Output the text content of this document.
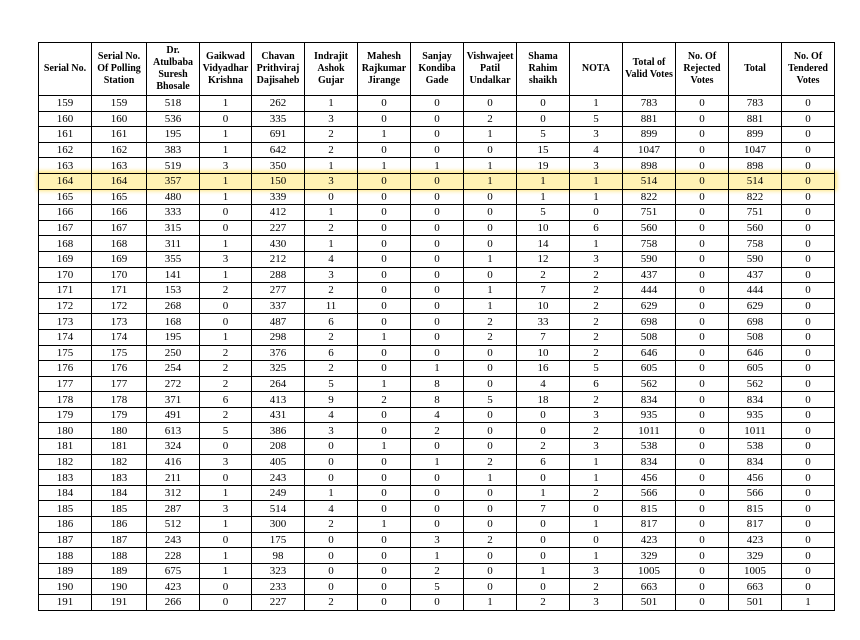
Serial No.	Serial No. Of Polling Station	Dr. Atulbaba Suresh Bhosale	Gaikwad Vidyadhar Krishna	Chavan Prithviraj Dajisaheb	Indrajit Ashok Gujar	Mahesh Rajkumar Jirange	Sanjay Kondiba Gade	Vishwajeet Patil Undalkar	Shama Rahim shaikh	NOTA	Total of Valid Votes	No. Of Rejected Votes	Total	No. Of Tendered Votes
159	159	518	1	262	1	0	0	0	0	1	783	0	783	0
160	160	536	0	335	3	0	0	2	0	5	881	0	881	0
161	161	195	1	691	2	1	0	1	5	3	899	0	899	0
162	162	383	1	642	2	0	0	0	15	4	1047	0	1047	0
163	163	519	3	350	1	1	1	1	19	3	898	0	898	0
164	164	357	1	150	3	0	0	1	1	1	514	0	514	0
165	165	480	1	339	0	0	0	0	1	1	822	0	822	0
166	166	333	0	412	1	0	0	0	5	0	751	0	751	0
167	167	315	0	227	2	0	0	0	10	6	560	0	560	0
168	168	311	1	430	1	0	0	0	14	1	758	0	758	0
169	169	355	3	212	4	0	0	1	12	3	590	0	590	0
170	170	141	1	288	3	0	0	0	2	2	437	0	437	0
171	171	153	2	277	2	0	0	1	7	2	444	0	444	0
172	172	268	0	337	11	0	0	1	10	2	629	0	629	0
173	173	168	0	487	6	0	0	2	33	2	698	0	698	0
174	174	195	1	298	2	1	0	2	7	2	508	0	508	0
175	175	250	2	376	6	0	0	0	10	2	646	0	646	0
176	176	254	2	325	2	0	1	0	16	5	605	0	605	0
177	177	272	2	264	5	1	8	0	4	6	562	0	562	0
178	178	371	6	413	9	2	8	5	18	2	834	0	834	0
179	179	491	2	431	4	0	4	0	0	3	935	0	935	0
180	180	613	5	386	3	0	2	0	0	2	1011	0	1011	0
181	181	324	0	208	0	1	0	0	2	3	538	0	538	0
182	182	416	3	405	0	0	1	2	6	1	834	0	834	0
183	183	211	0	243	0	0	0	1	0	1	456	0	456	0
184	184	312	1	249	1	0	0	0	1	2	566	0	566	0
185	185	287	3	514	4	0	0	0	7	0	815	0	815	0
186	186	512	1	300	2	1	0	0	0	1	817	0	817	0
187	187	243	0	175	0	0	3	2	0	0	423	0	423	0
188	188	228	1	98	0	0	1	0	0	1	329	0	329	0
189	189	675	1	323	0	0	2	0	1	3	1005	0	1005	0
190	190	423	0	233	0	0	5	0	0	2	663	0	663	0
191	191	266	0	227	2	0	0	1	2	3	501	0	501	1
